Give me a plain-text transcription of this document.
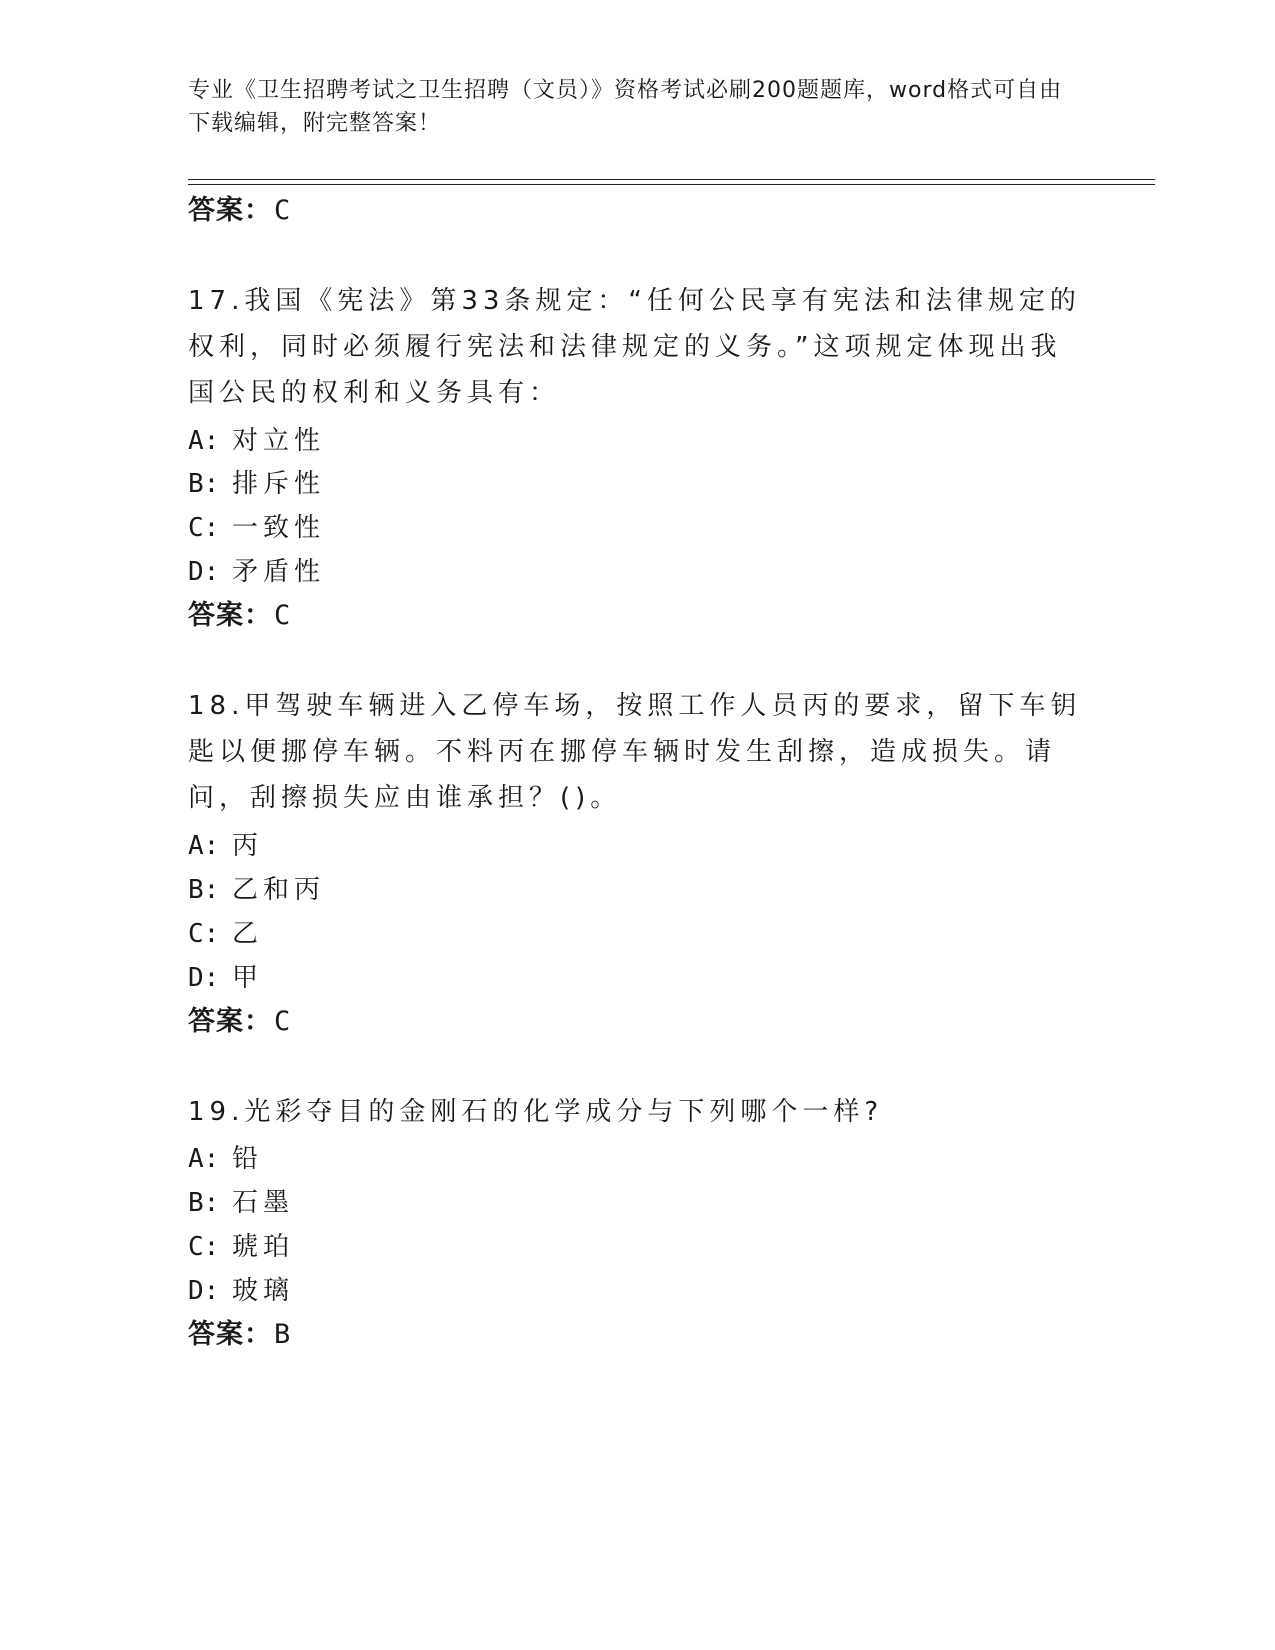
专业《卫生招聘考试之卫生招聘（文员）》资格考试必刷200题题库，word格式可自由下载编辑，附完整答案！

答案：C

17.我国《宪法》第33条规定：“任何公民享有宪法和法律规定的权利，同时必须履行宪法和法律规定的义务。”这项规定体现出我国公民的权利和义务具有：

A: 对立性

B: 排斥性

C: 一致性

D: 矛盾性

答案：C

18.甲驾驶车辆进入乙停车场，按照工作人员丙的要求，留下车钥匙以便挪停车辆。不料丙在挪停车辆时发生刮擦，造成损失。请问，刮擦损失应由谁承担？()。

A: 丙

B: 乙和丙

C: 乙

D: 甲

答案：C

19.光彩夺目的金刚石的化学成分与下列哪个一样?

A: 铅

B: 石墨

C: 琥珀

D: 玻璃

答案：B
